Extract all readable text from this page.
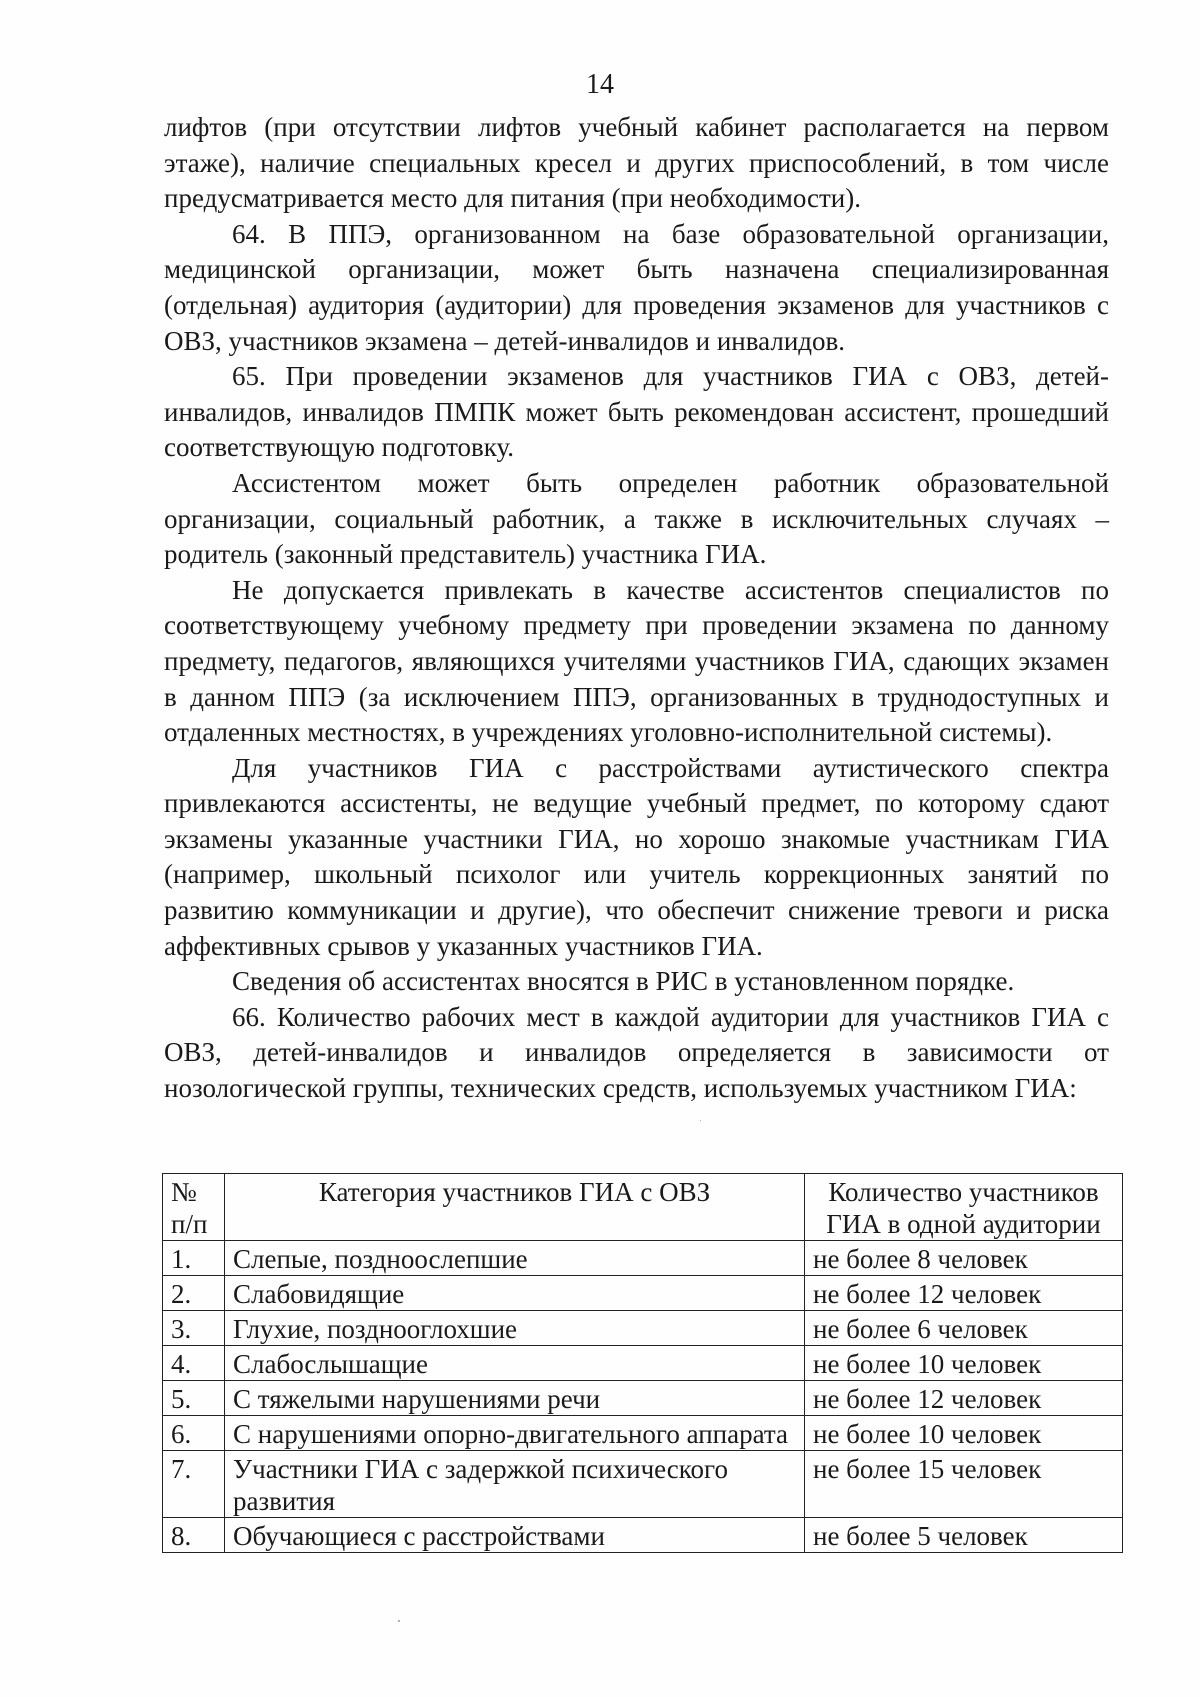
14

лифтов (при отсутствии лифтов учебный кабинет располагается на первом этаже), наличие специальных кресел и других приспособлений, в том числе предусматривается место для питания (при необходимости).

64. В ППЭ, организованном на базе образовательной организации, медицинской организации, может быть назначена специализированная (отдельная) аудитория (аудитории) для проведения экзаменов для участников с ОВЗ, участников экзамена – детей-инвалидов и инвалидов.

65. При проведении экзаменов для участников ГИА с ОВЗ, детей-инвалидов, инвалидов ПМПК может быть рекомендован ассистент, прошедший соответствующую подготовку.

Ассистентом может быть определен работник образовательной организации, социальный работник, а также в исключительных случаях – родитель (законный представитель) участника ГИА.

Не допускается привлекать в качестве ассистентов специалистов по соответствующему учебному предмету при проведении экзамена по данному предмету, педагогов, являющихся учителями участников ГИА, сдающих экзамен в данном ППЭ (за исключением ППЭ, организованных в труднодоступных и отдаленных местностях, в учреждениях уголовно-исполнительной системы).

Для участников ГИА с расстройствами аутистического спектра привлекаются ассистенты, не ведущие учебный предмет, по которому сдают экзамены указанные участники ГИА, но хорошо знакомые участникам ГИА (например, школьный психолог или учитель коррекционных занятий по развитию коммуникации и другие), что обеспечит снижение тревоги и риска аффективных срывов у указанных участников ГИА.

Сведения об ассистентах вносятся в РИС в установленном порядке.

66. Количество рабочих мест в каждой аудитории для участников ГИА с ОВЗ, детей-инвалидов и инвалидов определяется в зависимости от нозологической группы, технических средств, используемых участником ГИА:

№ п/п	Категория участников ГИА с ОВЗ	Количество участников ГИА в одной аудитории
1.	Слепые, поздноослепшие	не более 8 человек
2.	Слабовидящие	не более 12 человек
3.	Глухие, позднооглохшие	не более 6 человек
4.	Слабослышащие	не более 10 человек
5.	С тяжелыми нарушениями речи	не более 12 человек
6.	С нарушениями опорно-двигательного аппарата	не более 10 человек
7.	Участники ГИА с задержкой психического развития	не более 15 человек
8.	Обучающиеся с расстройствами	не более 5 человек
